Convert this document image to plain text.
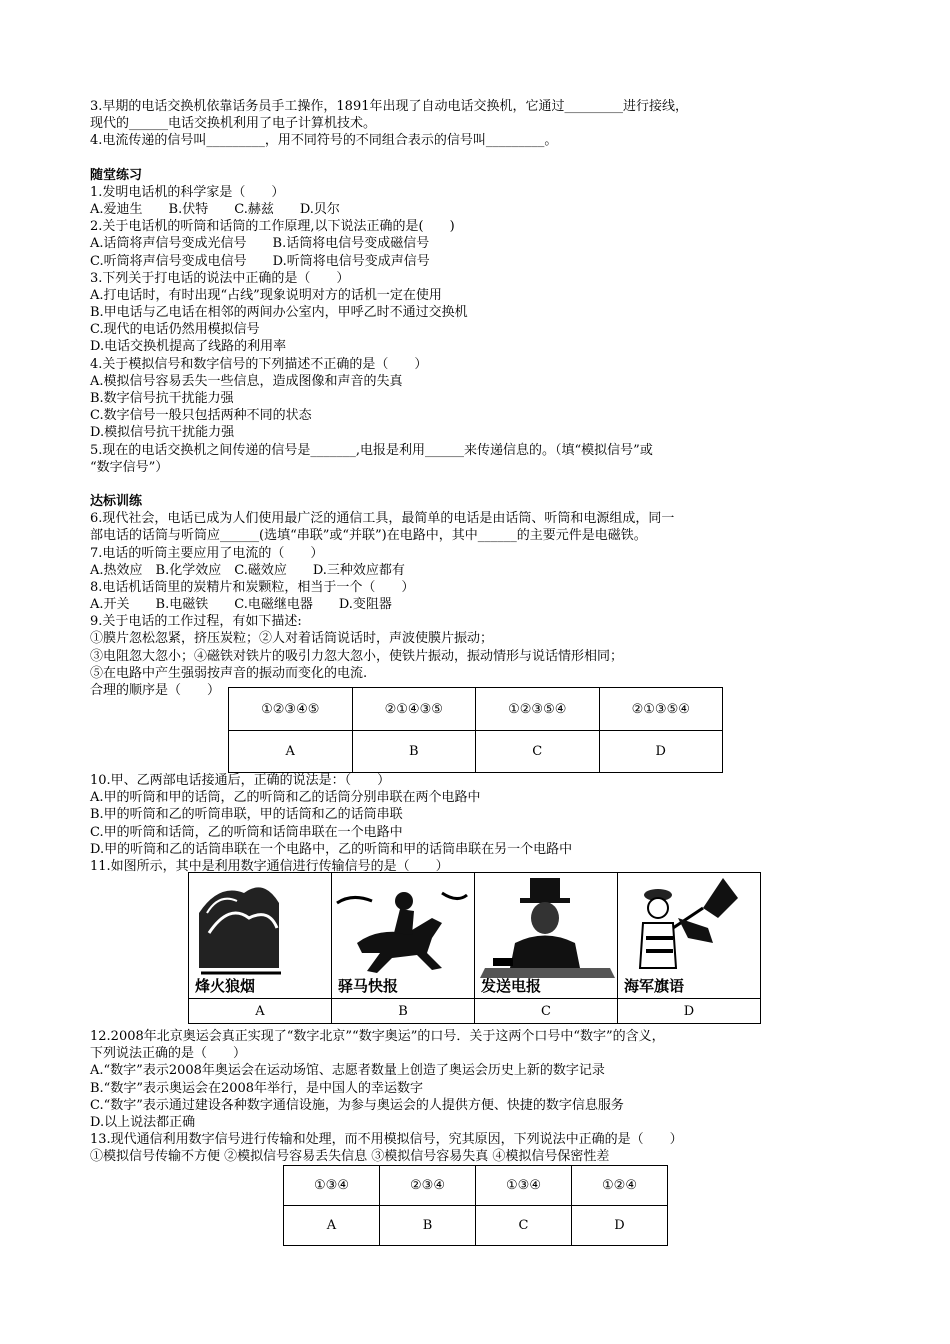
3.早期的电话交换机依靠话务员手工操作，1891年出现了自动电话交换机，它通过_________进行接线，
现代的______电话交换机利用了电子计算机技术。
4.电流传递的信号叫_________，用不同符号的不同组合表示的信号叫_________。
随堂练习
1.发明电话机的科学家是（　　）
A.爱迪生　　B.伏特　　C.赫兹　　D.贝尔
2.关于电话机的听筒和话筒的工作原理,以下说法正确的是(　　)
A.话筒将声信号变成光信号　　B.话筒将电信号变成磁信号
C.听筒将声信号变成电信号　　D.听筒将电信号变成声信号
3.下列关于打电话的说法中正确的是（　　）
A.打电话时，有时出现“占线”现象说明对方的话机一定在使用
B.甲电话与乙电话在相邻的两间办公室内，甲呼乙时不通过交换机
C.现代的电话仍然用模拟信号
D.电话交换机提高了线路的利用率
4.关于模拟信号和数字信号的下列描述不正确的是（　　）
A.模拟信号容易丢失一些信息，造成图像和声音的失真
B.数字信号抗干扰能力强
C.数字信号一般只包括两种不同的状态
D.模拟信号抗干扰能力强
5.现在的电话交换机之间传递的信号是_______,电报是利用______来传递信息的。（填“模拟信号”或
“数字信号”）
达标训练
6.现代社会，电话已成为人们使用最广泛的通信工具，最简单的电话是由话筒、听筒和电源组成，同一
部电话的话筒与听筒应______(选填“串联”或“并联”)在电路中，其中______的主要元件是电磁铁。
7.电话的听筒主要应用了电流的（　　）
A.热效应　B.化学效应　C.磁效应　　D.三种效应都有
8.电话机话筒里的炭精片和炭颗粒，相当于一个（　　）
A.开关　　B.电磁铁　　C.电磁继电器　　D.变阻器
9.关于电话的工作过程，有如下描述:
①膜片忽松忽紧，挤压炭粒；②人对着话筒说话时，声波使膜片振动；
③电阻忽大忽小；④磁铁对铁片的吸引力忽大忽小，使铁片振动，振动情形与说话情形相同；
⑤在电路中产生强弱按声音的振动而变化的电流.
合理的顺序是（　　）
①②③④⑤	②①④③⑤	①②③⑤④	②①③⑤④
A	B	C	D
10.甲、乙两部电话接通后，正确的说法是：（　　）
A.甲的听筒和甲的话筒，乙的听筒和乙的话筒分别串联在两个电路中
B.甲的听筒和乙的听筒串联，甲的话筒和乙的话筒串联
C.甲的听筒和话筒，乙的听筒和话筒串联在一个电路中
D.甲的听筒和乙的话筒串联在一个电路中，乙的听筒和甲的话筒串联在另一个电路中
11.如图所示，其中是利用数字通信进行传输信号的是（　　）
烽火狼烟	驿马快报	发送电报	海军旗语

A	B	C	D
12.2008年北京奥运会真正实现了“数字北京”“数字奥运”的口号．关于这两个口号中“数字”的含义，
下列说法正确的是（　　）
A.“数字”表示2008年奥运会在运动场馆、志愿者数量上创造了奥运会历史上新的数字记录
B.“数字”表示奥运会在2008年举行，是中国人的幸运数字
C.“数字”表示通过建设各种数字通信设施，为参与奥运会的人提供方便、快捷的数字信息服务
D.以上说法都正确
13.现代通信利用数字信号进行传输和处理，而不用模拟信号，究其原因，下列说法中正确的是（　　）
①模拟信号传输不方便 ②模拟信号容易丢失信息 ③模拟信号容易失真 ④模拟信号保密性差
①③④	②③④	①③④	①②④
A	B	C	D
